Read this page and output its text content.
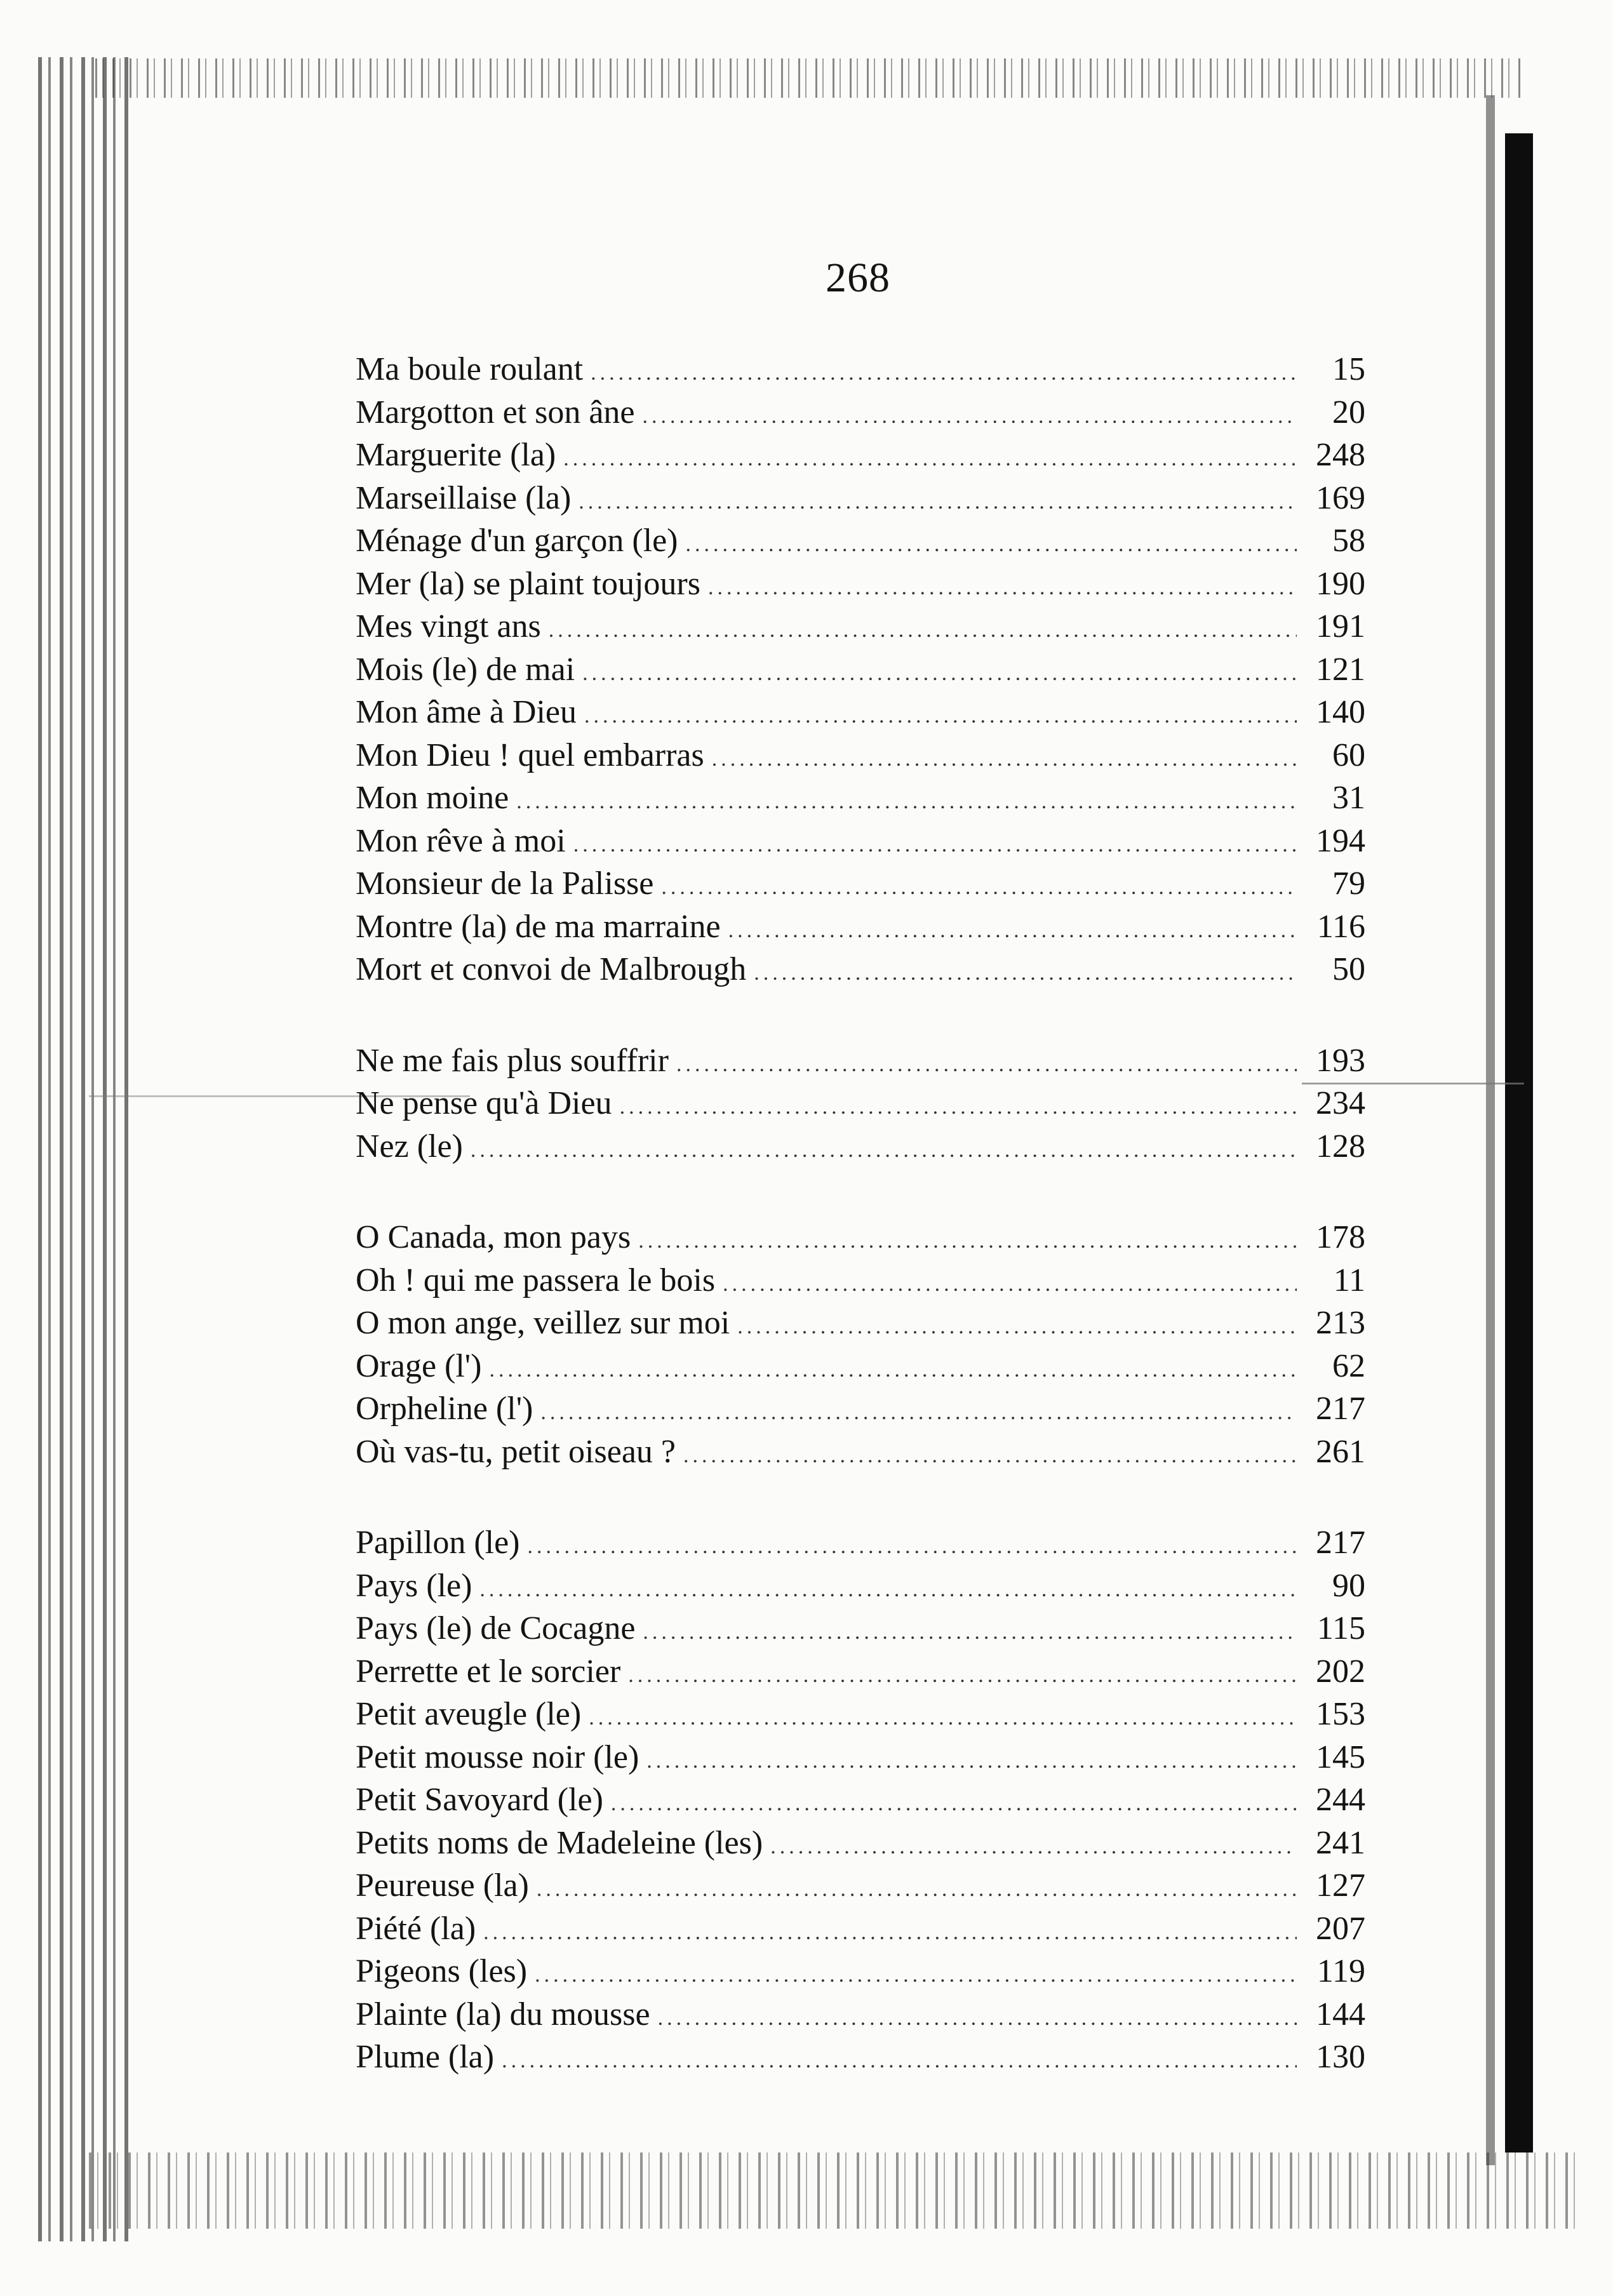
268
Ma boule roulant .....	15
Margotton et son âne .....	20
Marguerite (la) .....	248
Marseillaise (la) .....	169
Ménage d'un garçon (le) .....	58
Mer (la) se plaint toujours .....	190
Mes vingt ans .....	191
Mois (le) de mai .....	121
Mon âme à Dieu .....	140
Mon Dieu ! quel embarras .....	60
Mon moine .....	31
Mon rêve à moi .....	194
Monsieur de la Palisse .....	79
Montre (la) de ma marraine .....	116
Mort et convoi de Malbrough .....	50
Ne me fais plus souffrir .....	193
Ne pense qu'à Dieu .....	234
Nez (le) .....	128
O Canada, mon pays .....	178
Oh ! qui me passera le bois .....	11
O mon ange, veillez sur moi .....	213
Orage (l') .....	62
Orpheline (l') .....	217
Où vas-tu, petit oiseau ? .....	261
Papillon (le) .....	217
Pays (le) .....	90
Pays (le) de Cocagne .....	115
Perrette et le sorcier .....	202
Petit aveugle (le) .....	153
Petit mousse noir (le) .....	145
Petit Savoyard (le) .....	244
Petits noms de Madeleine (les) .....	241
Peureuse (la) .....	127
Piété (la) .....	207
Pigeons (les) .....	119
Plainte (la) du mousse .....	144
Plume (la) .....	130
